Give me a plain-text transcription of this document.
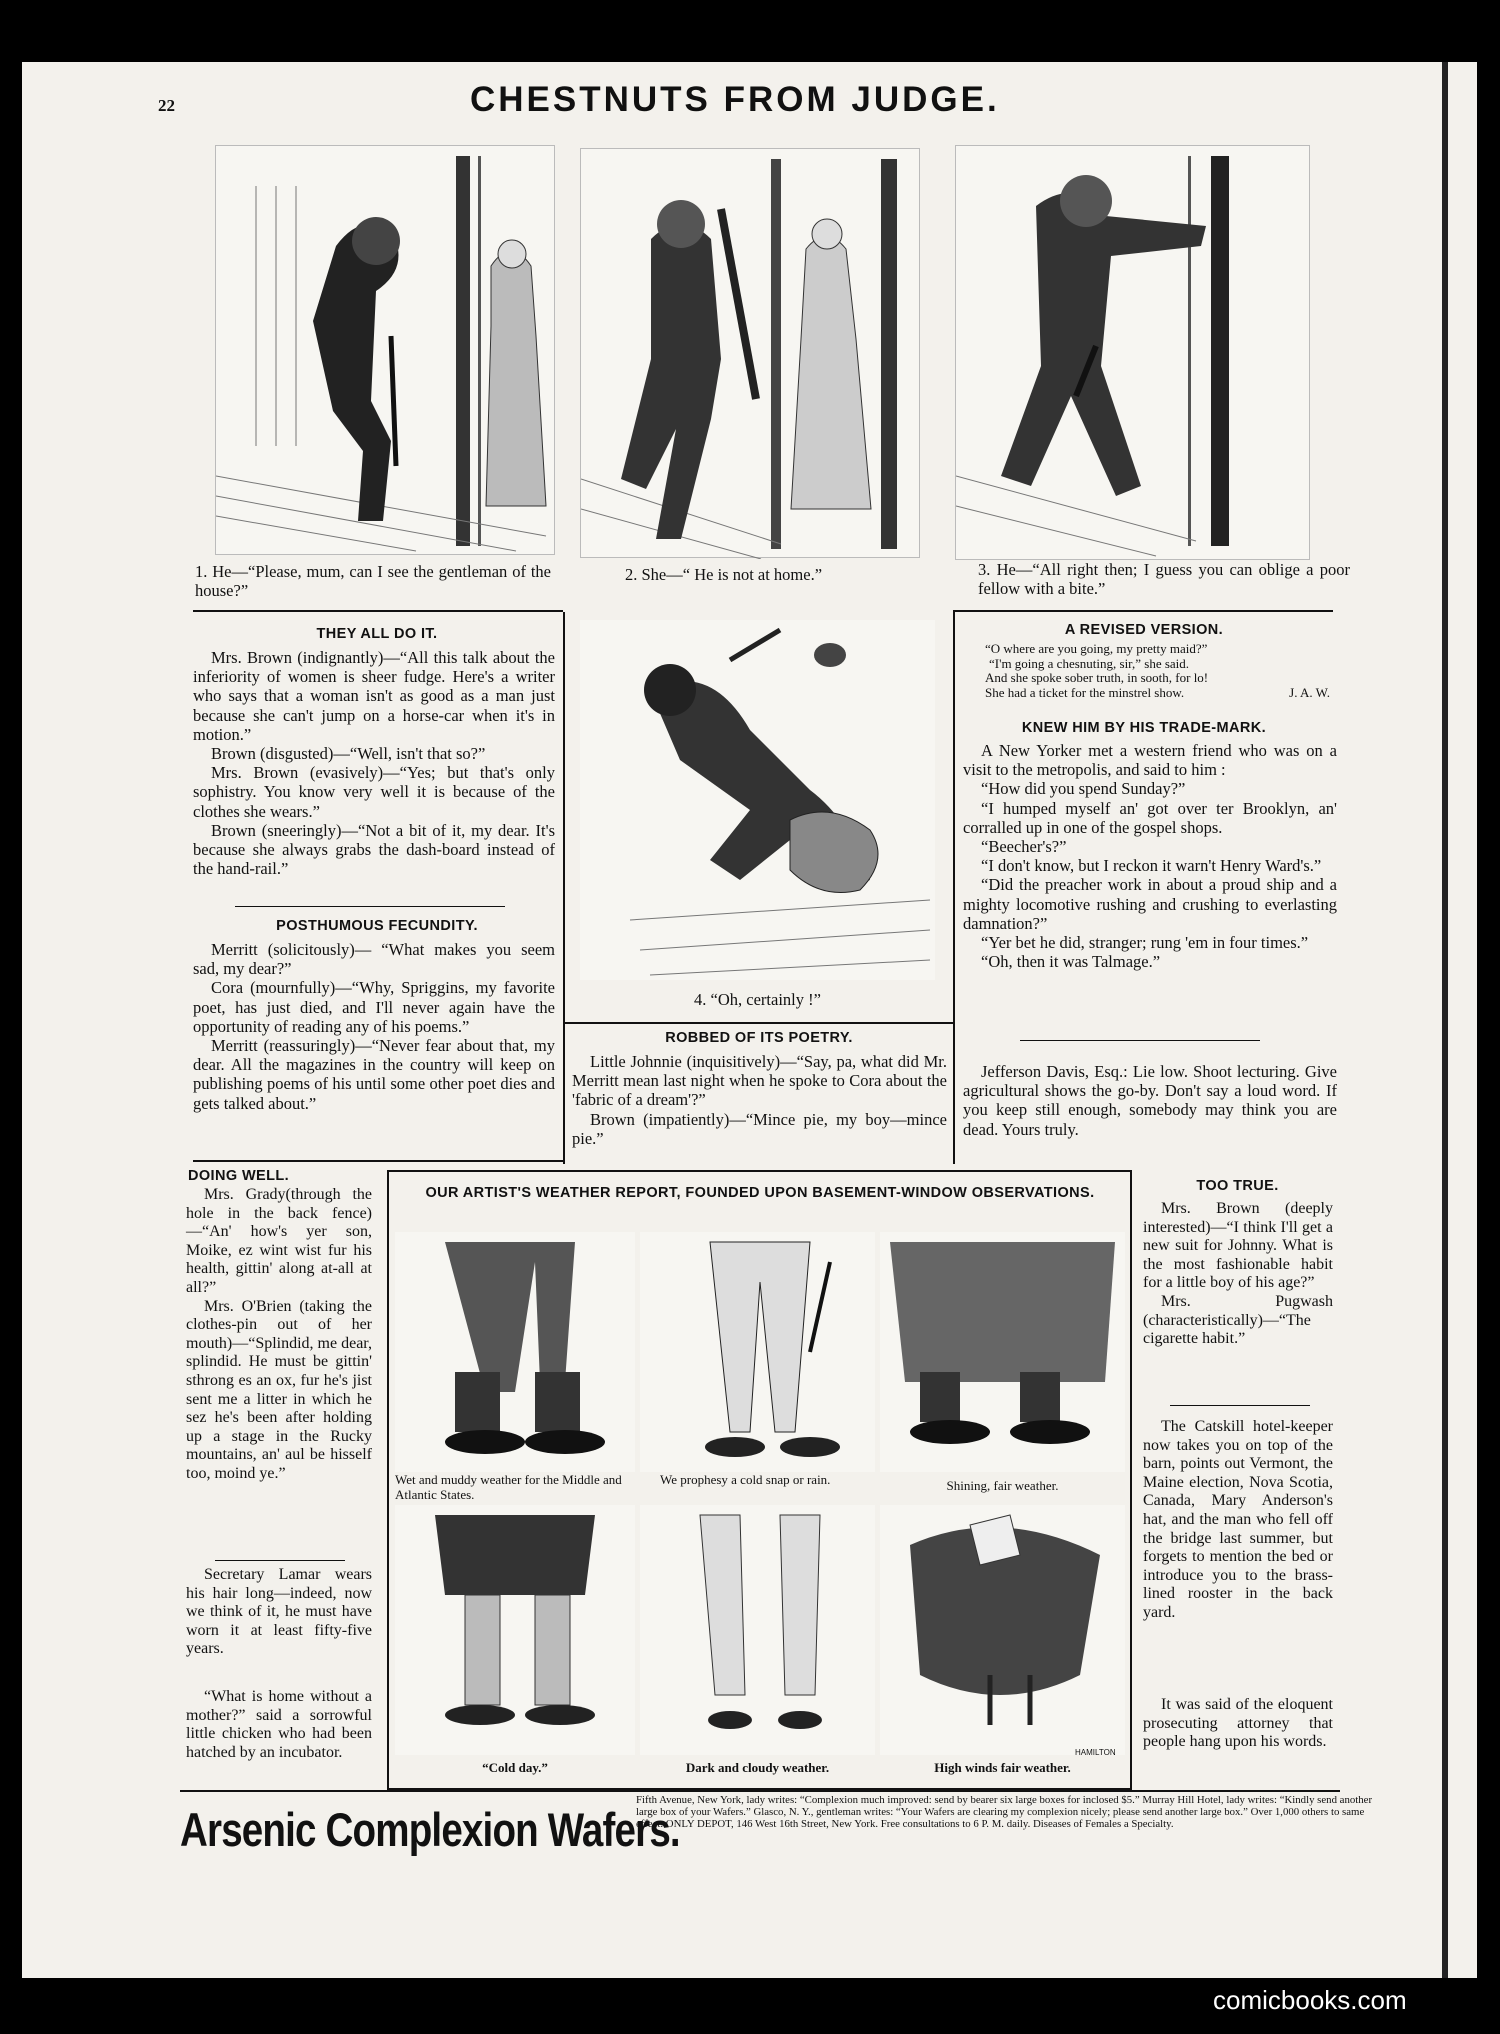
22	CHESTNUTS FROM JUDGE.
1. He—“Please, mum, can I see the gentleman of the house?”
2. She—“ He is not at home.”	3. He—“All right then; I guess you can oblige a poor fellow with a bite.”
4. “Oh, certainly !”
THEY ALL DO IT.

Mrs. Brown (indignantly)—“All this talk about the inferiority of women is sheer fudge. Here's a writer who says that a woman isn't as good as a man just because she can't jump on a horse-car when it's in motion.”

Brown (disgusted)—“Well, isn't that so?”

Mrs. Brown (evasively)—“Yes; but that's only sophistry. You know very well it is because of the clothes she wears.”

Brown (sneeringly)—“Not a bit of it, my dear. It's because she always grabs the dash-board instead of the hand-rail.”

POSTHUMOUS FECUNDITY.

Merritt (solicitously)— “What makes you seem sad, my dear?”

Cora (mournfully)—“Why, Spriggins, my favorite poet, has just died, and I'll never again have the opportunity of reading any of his poems.”

Merritt (reassuringly)—“Never fear about that, my dear. All the magazines in the country will keep on publishing poems of his until some other poet dies and gets talked about.”

ROBBED OF ITS POETRY.

Little Johnnie (inquisitively)—“Say, pa, what did Mr. Merritt mean last night when he spoke to Cora about the 'fabric of a dream'?”

Brown (impatiently)—“Mince pie, my boy—mince pie.”

A REVISED VERSION.
“O where are you going, my pretty maid?”
“I'm going a chesnuting, sir,” she said.
And she spoke sober truth, in sooth, for lo!
She had a ticket for the minstrel show.	J. A. W.
KNEW HIM BY HIS TRADE-MARK.

A New Yorker met a western friend who was on a visit to the metropolis, and said to him :

“How did you spend Sunday?”

“I humped myself an' got over ter Brooklyn, an' corralled up in one of the gospel shops.

“Beecher's?”

“I don't know, but I reckon it warn't Henry Ward's.”

“Did the preacher work in about a proud ship and a mighty locomotive rushing and crushing to everlasting damnation?”

“Yer bet he did, stranger; rung 'em in four times.”

“Oh, then it was Talmage.”

Jefferson Davis, Esq.: Lie low. Shoot lecturing. Give agricultural shows the go-by. Don't say a loud word. If you keep still enough, somebody may think you are dead. Yours truly.

OUR ARTIST'S WEATHER REPORT, FOUNDED UPON BASEMENT-WINDOW OBSERVATIONS.
Wet and muddy weather for the Middle and Atlantic States.
We prophesy a cold snap or rain.	Shining, fair weather.
HAMILTON
“Cold day.”	Dark and cloudy weather.	High winds fair weather.
DOING WELL.

Mrs. Grady(through the hole in the back fence) —“An' how's yer son, Moike, ez wint wist fur his health, gittin' along at-all at all?”

Mrs. O'Brien (taking the clothes-pin out of her mouth)—“Splindid, me dear, splindid. He must be gittin' sthrong es an ox, fur he's jist sent me a litter in which he sez he's been after holding up a stage in the Rucky mountains, an' aul be hisself too, moind ye.”

Secretary Lamar wears his hair long—indeed, now we think of it, he must have worn it at least fifty-five years.

“What is home without a mother?” said a sorrowful little chicken who had been hatched by an incubator.

TOO TRUE.

Mrs. Brown (deeply interested)—“I think I'll get a new suit for Johnny. What is the most fashionable habit for a little boy of his age?”

Mrs. Pugwash (characteristically)—“The cigarette habit.”

The Catskill hotel-keeper now takes you on top of the barn, points out Vermont, the Maine election, Nova Scotia, Canada, Mary Anderson's hat, and the man who fell off the bridge last summer, but forgets to mention the bed or introduce you to the brass-lined rooster in the back yard.

It was said of the eloquent prosecuting attorney that people hang upon his words.

Arsenic Complexion Wafers.
Fifth Avenue, New York, lady writes: “Complexion much improved: send by bearer six large boxes for inclosed $5.” Murray Hill Hotel, lady writes: “Kindly send another large box of your Wafers.” Glasco, N. Y., gentleman writes: “Your Wafers are clearing my complexion nicely; please send another large box.” Over 1,000 others to same effect. ONLY DEPOT, 146 West 16th Street, New York. Free consultations to 6 P. M. daily. Diseases of Females a Specialty.
comicbooks.com
